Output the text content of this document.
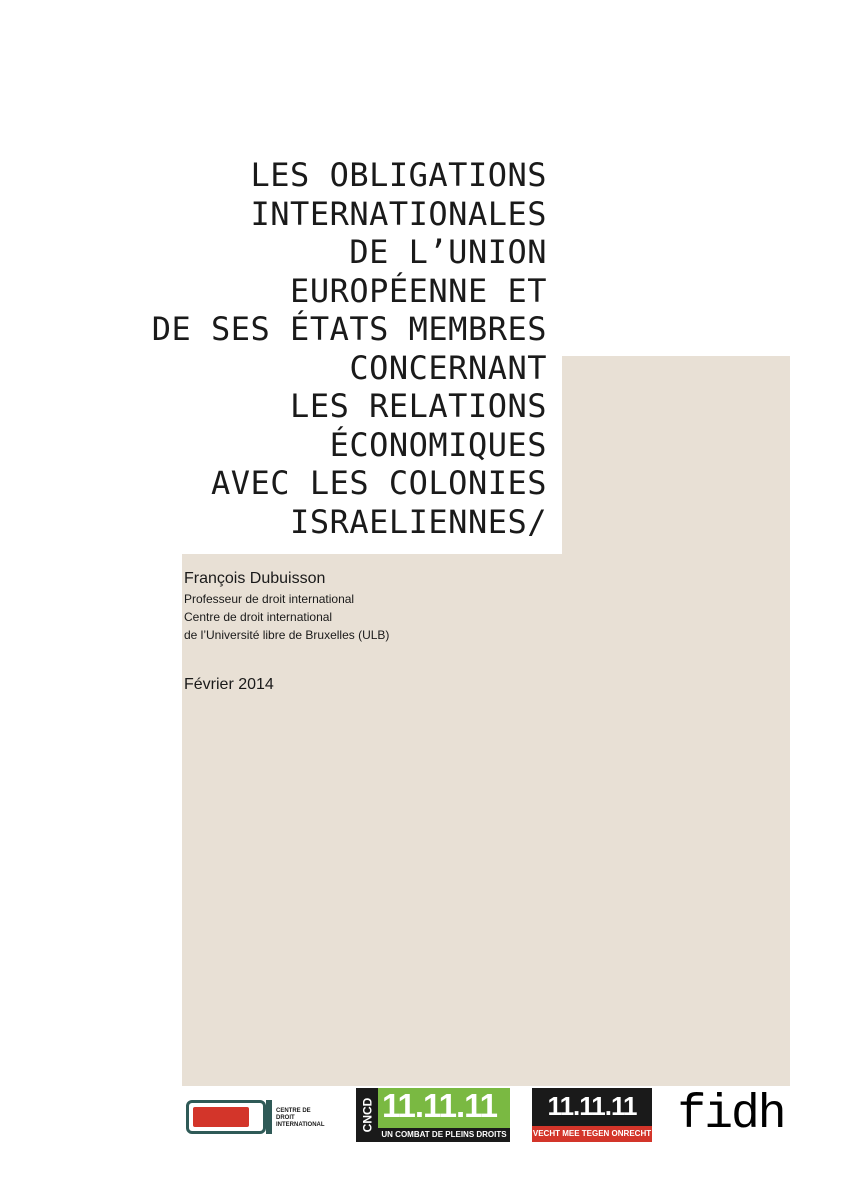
LES OBLIGATIONS
INTERNATIONALES
DE L’UNION
EUROPÉENNE ET
DE SES ÉTATS MEMBRES
CONCERNANT
LES RELATIONS
ÉCONOMIQUES
AVEC LES COLONIES
ISRAELIENNES/
François Dubuisson
Professeur de droit international
Centre de droit international
de l’Université libre de Bruxelles (ULB)
Février 2014
CENTRE DE
DROIT
INTERNATIONAL	CNCD 11.11.11
UN COMBAT DE PLEINS DROITS
11.11.11
VECHT MEE TEGEN ONRECHT fidh
